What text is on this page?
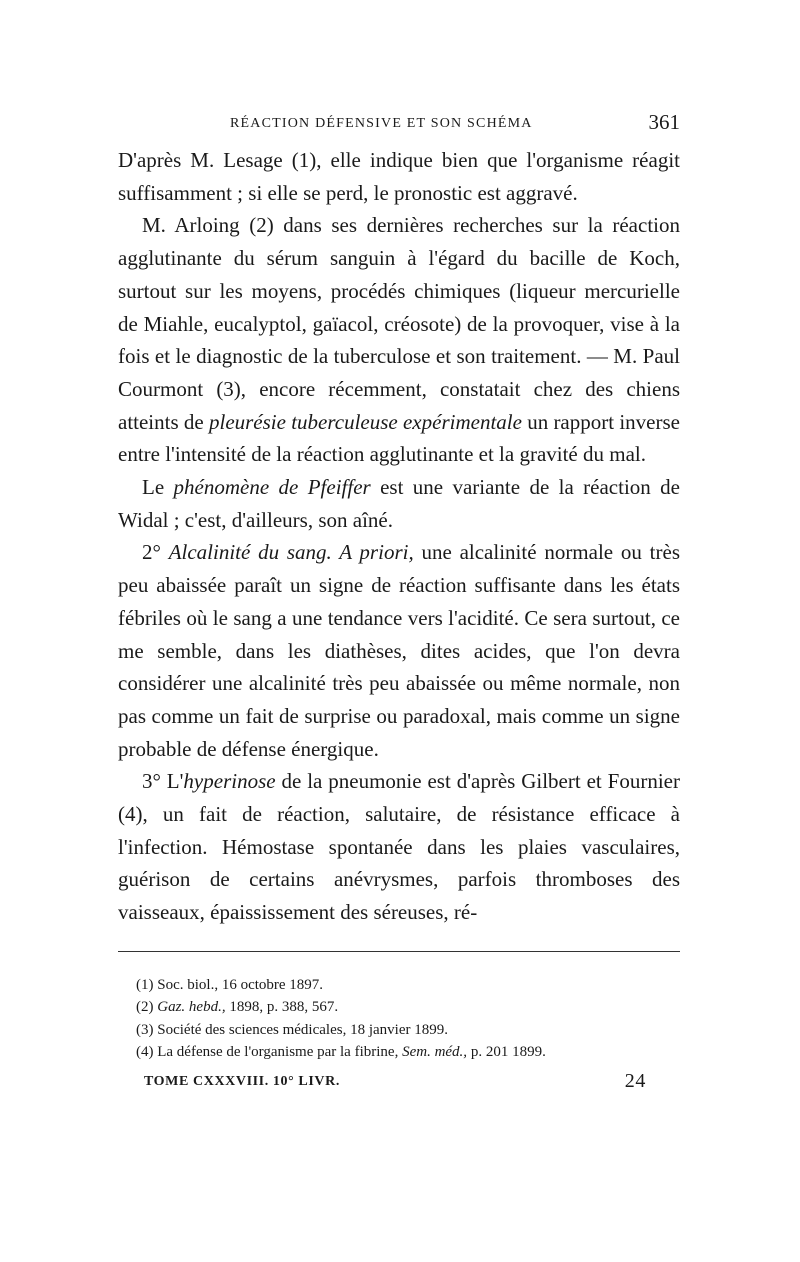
RÉACTION DÉFENSIVE ET SON SCHÉMA	361

D'après M. Lesage (1), elle indique bien que l'organisme réagit suffisamment ; si elle se perd, le pronostic est aggravé.

M. Arloing (2) dans ses dernières recherches sur la réaction agglutinante du sérum sanguin à l'égard du bacille de Koch, surtout sur les moyens, procédés chimiques (liqueur mercurielle de Miahle, eucalyptol, gaïacol, créosote) de la provoquer, vise à la fois et le diagnostic de la tuberculose et son traitement. — M. Paul Courmont (3), encore récemment, constatait chez des chiens atteints de pleurésie tuberculeuse expérimentale un rapport inverse entre l'intensité de la réaction agglutinante et la gravité du mal.

Le phénomène de Pfeiffer est une variante de la réaction de Widal ; c'est, d'ailleurs, son aîné.

2° Alcalinité du sang. A priori, une alcalinité normale ou très peu abaissée paraît un signe de réaction suffisante dans les états fébriles où le sang a une tendance vers l'acidité. Ce sera surtout, ce me semble, dans les diathèses, dites acides, que l'on devra considérer une alcalinité très peu abaissée ou même normale, non pas comme un fait de surprise ou paradoxal, mais comme un signe probable de défense énergique.

3° L'hyperinose de la pneumonie est d'après Gilbert et Fournier (4), un fait de réaction, salutaire, de résistance efficace à l'infection. Hémostase spontanée dans les plaies vasculaires, guérison de certains anévrysmes, parfois thromboses des vaisseaux, épaississement des séreuses, ré-

(1) Soc. biol., 16 octobre 1897.

(2) Gaz. hebd., 1898, p. 388, 567.

(3) Société des sciences médicales, 18 janvier 1899.

(4) La défense de l'organisme par la fibrine, Sem. méd., p. 201 1899.

TOME CXXXVIII. 10° LIVR.	24
